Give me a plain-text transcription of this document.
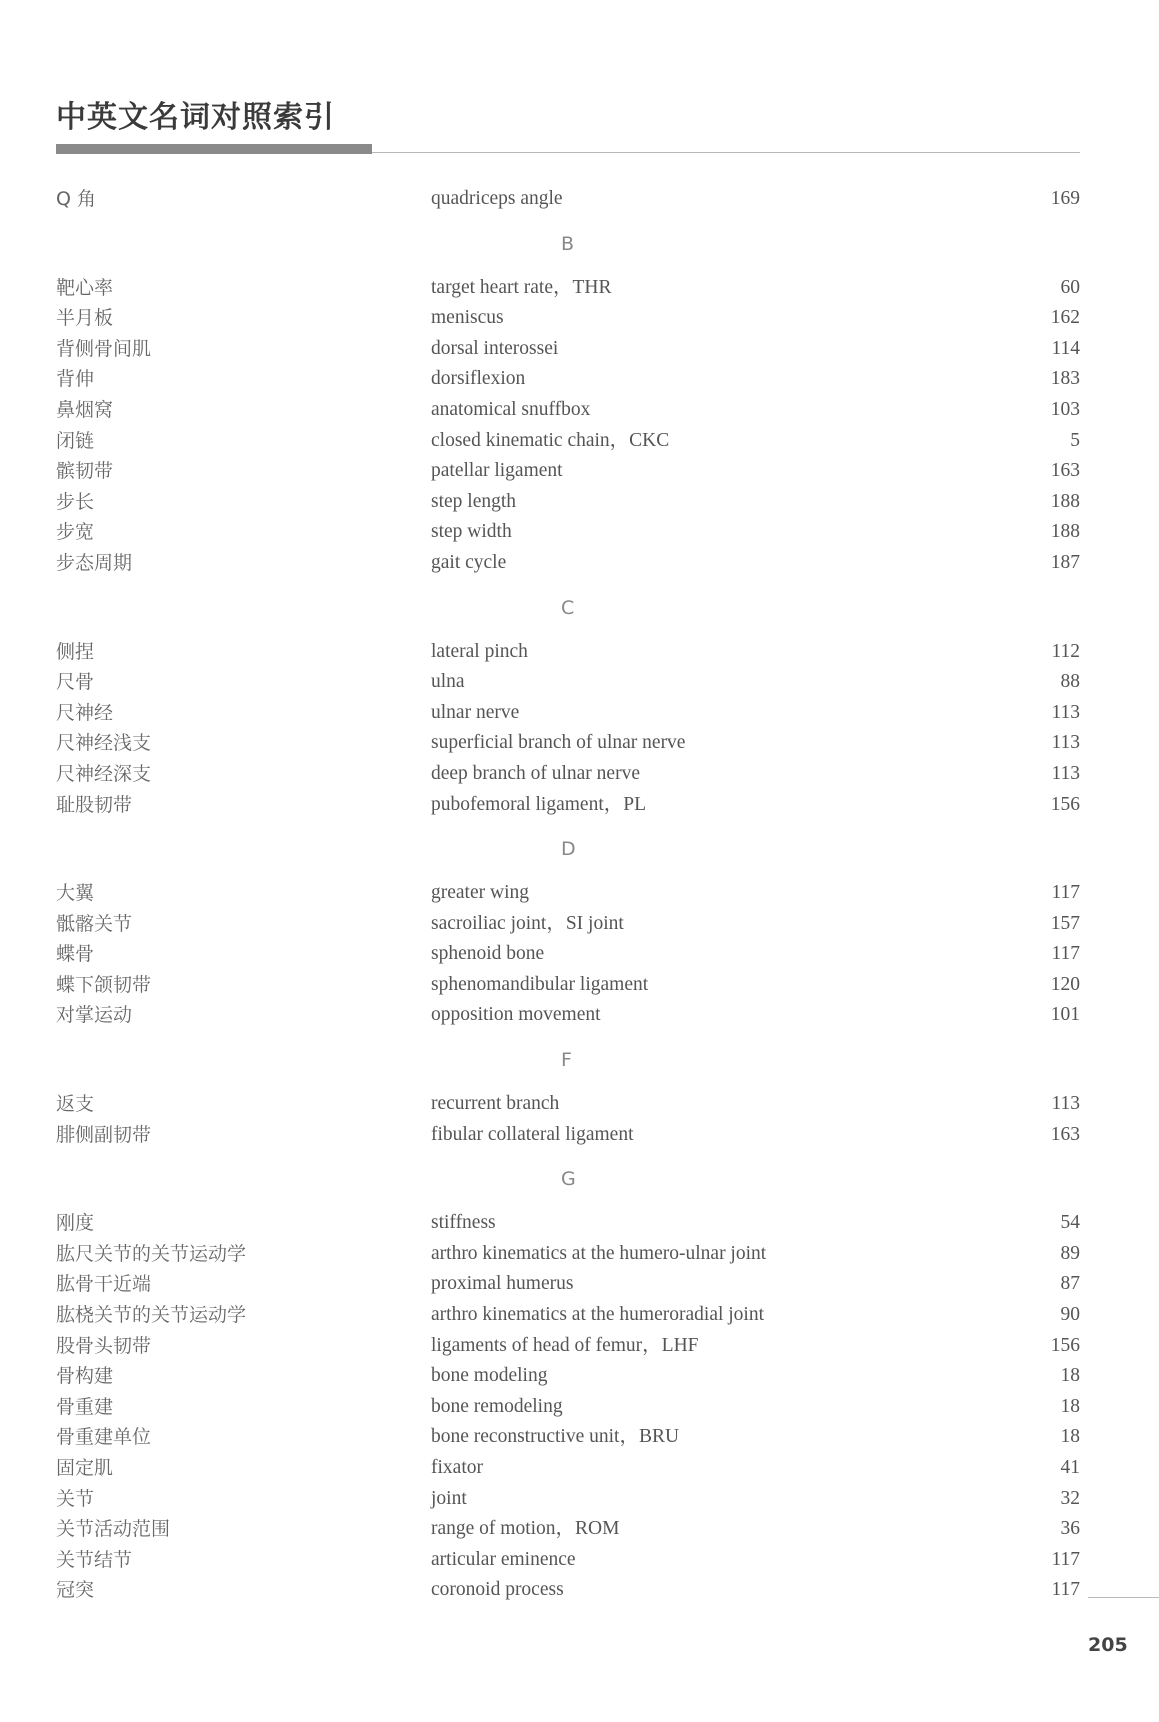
中英文名词对照索引
Q 角	quadriceps angle	169
B
靶心率	target heart rate，THR	60
半月板	meniscus	162
背侧骨间肌	dorsal interossei	114
背伸	dorsiflexion	183
鼻烟窝	anatomical snuffbox	103
闭链	closed kinematic chain，CKC	5
髌韧带	patellar ligament	163
步长	step length	188
步宽	step width	188
步态周期	gait cycle	187
C
侧捏	lateral pinch	112
尺骨	ulna	88
尺神经	ulnar nerve	113
尺神经浅支	superficial branch of ulnar nerve	113
尺神经深支	deep branch of ulnar nerve	113
耻股韧带	pubofemoral ligament，PL	156
D
大翼	greater wing	117
骶髂关节	sacroiliac joint，SI joint	157
蝶骨	sphenoid bone	117
蝶下颌韧带	sphenomandibular ligament	120
对掌运动	opposition movement	101
F
返支	recurrent branch	113
腓侧副韧带	fibular collateral ligament	163
G
刚度	stiffness	54
肱尺关节的关节运动学	arthro kinematics at the humero-ulnar joint	89
肱骨干近端	proximal humerus	87
肱桡关节的关节运动学	arthro kinematics at the humeroradial joint	90
股骨头韧带	ligaments of head of femur，LHF	156
骨构建	bone modeling	18
骨重建	bone remodeling	18
骨重建单位	bone reconstructive unit，BRU	18
固定肌	fixator	41
关节	joint	32
关节活动范围	range of motion，ROM	36
关节结节	articular eminence	117
冠突	coronoid process	117
205
